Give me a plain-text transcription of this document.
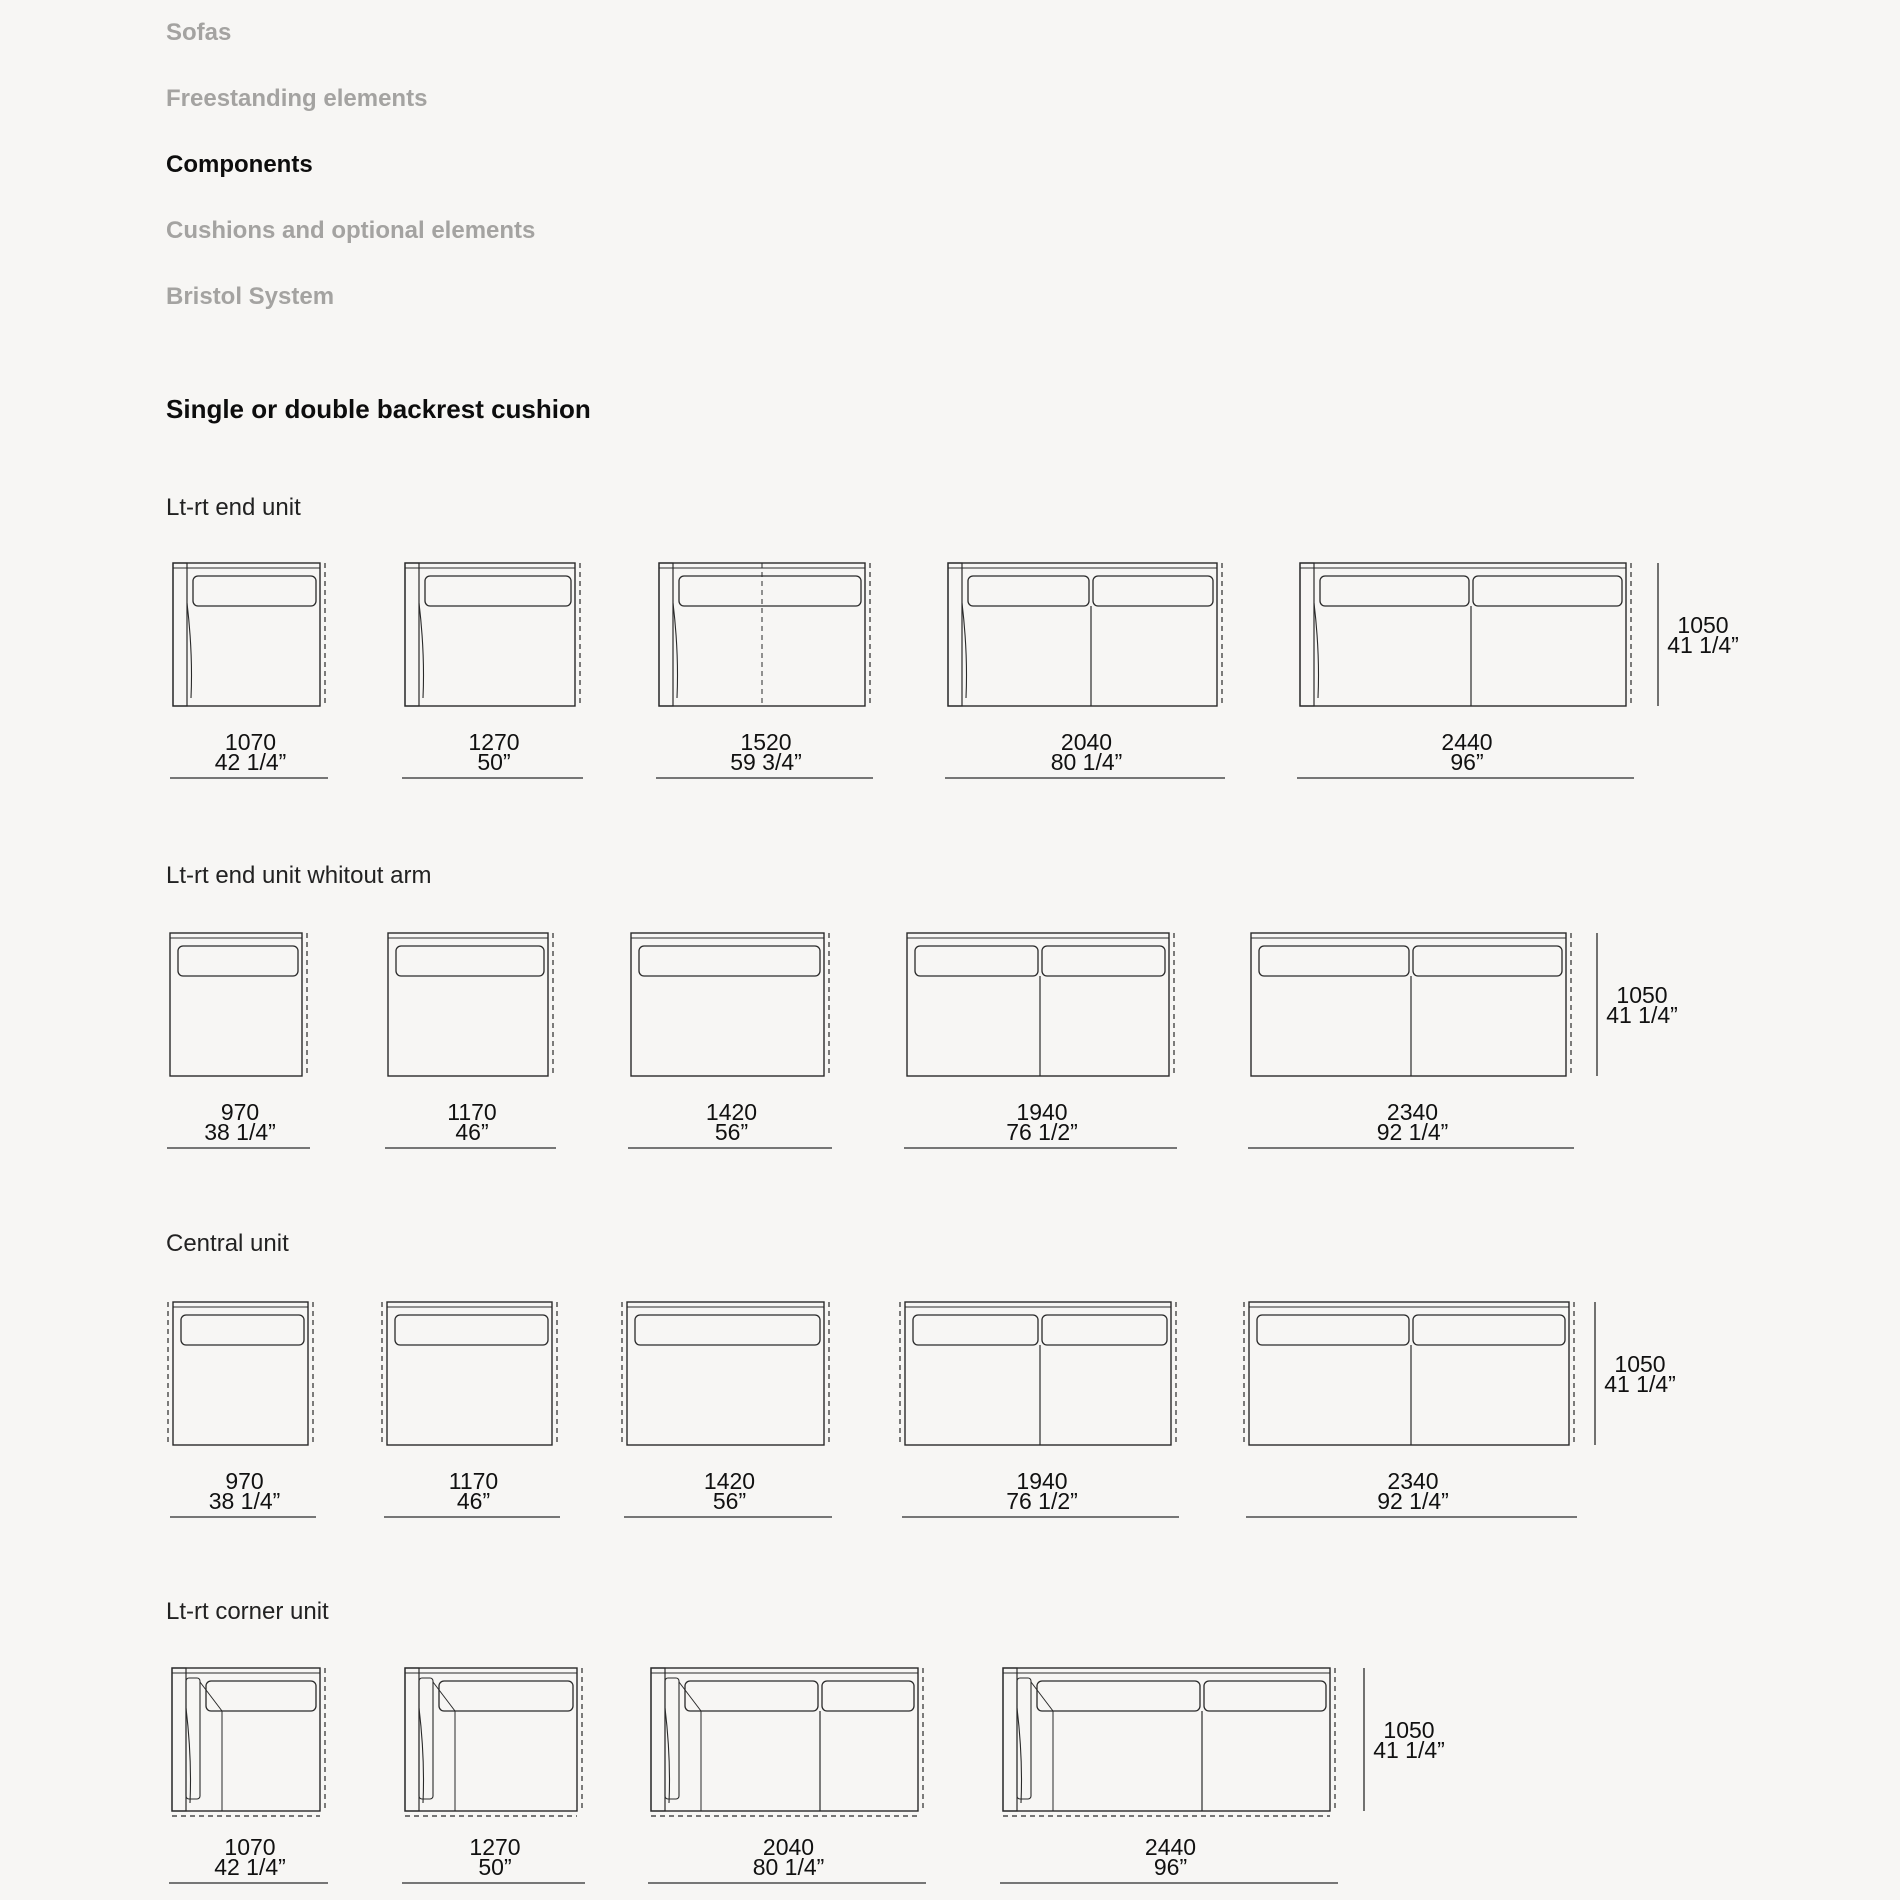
Sofas
Freestanding elements
Components
Cushions and optional elements
Bristol System
Single or double backrest cushion
Lt-rt end unit
Lt-rt end unit whitout arm
Central unit
Lt-rt corner unit
1070
42 1/4”
1270
50”
1520
59 3/4”
2040
80 1/4”
2440
96”
1050
41 1/4”
970
38 1/4”
1170
46”
1420
56”
1940
76 1/2”
2340
92 1/4”
1050
41 1/4”
970
38 1/4”
1170
46”
1420
56”
1940
76 1/2”
2340
92 1/4”
1050
41 1/4”
1070
42 1/4”
1270
50”
2040
80 1/4”
2440
96”
1050
41 1/4”
